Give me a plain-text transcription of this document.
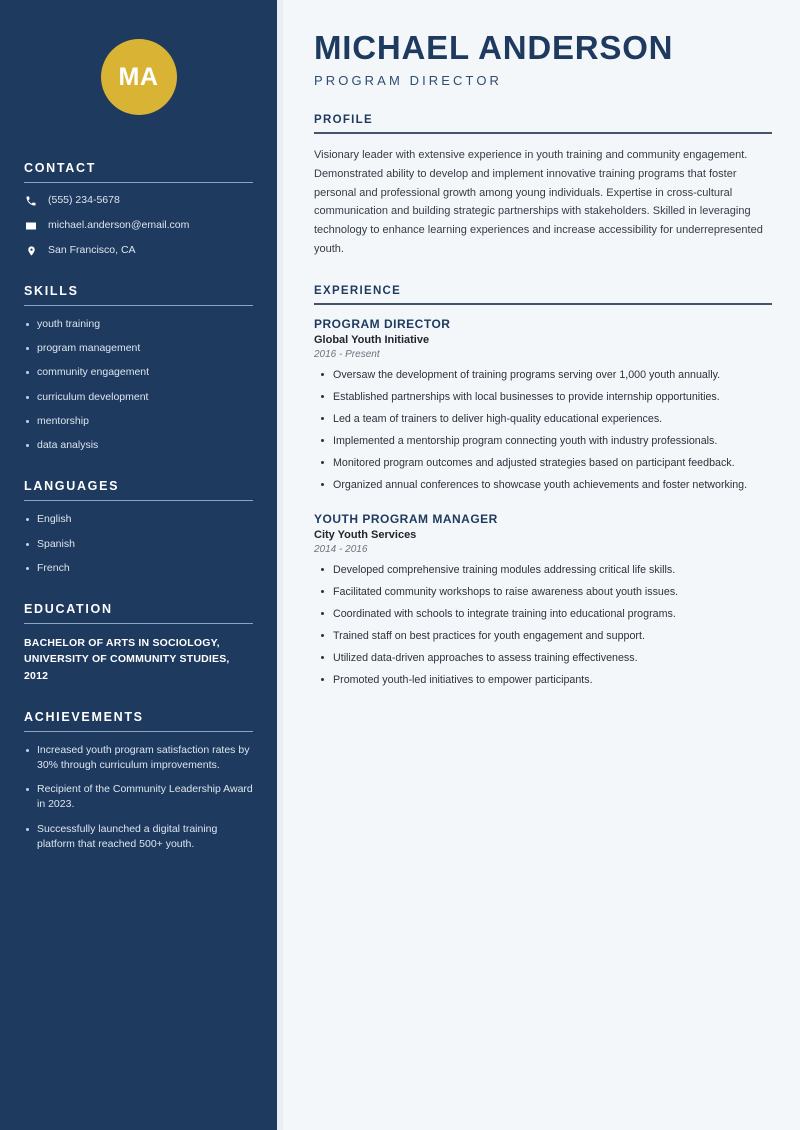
MA
CONTACT
(555) 234-5678
michael.anderson@email.com
San Francisco, CA
SKILLS
youth training
program management
community engagement
curriculum development
mentorship
data analysis
LANGUAGES
English
Spanish
French
EDUCATION
BACHELOR OF ARTS IN SOCIOLOGY, UNIVERSITY OF COMMUNITY STUDIES, 2012
ACHIEVEMENTS
Increased youth program satisfaction rates by 30% through curriculum improvements.
Recipient of the Community Leadership Award in 2023.
Successfully launched a digital training platform that reached 500+ youth.
MICHAEL ANDERSON
PROGRAM DIRECTOR
PROFILE

Visionary leader with extensive experience in youth training and community engagement. Demonstrated ability to develop and implement innovative training programs that foster personal and professional growth among young individuals. Expertise in cross-cultural communication and building strategic partnerships with stakeholders. Skilled in leveraging technology to enhance learning experiences and increase accessibility for underrepresented youth.

EXPERIENCE
PROGRAM DIRECTOR
Global Youth Initiative
2016 - Present
Oversaw the development of training programs serving over 1,000 youth annually.
Established partnerships with local businesses to provide internship opportunities.
Led a team of trainers to deliver high-quality educational experiences.
Implemented a mentorship program connecting youth with industry professionals.
Monitored program outcomes and adjusted strategies based on participant feedback.
Organized annual conferences to showcase youth achievements and foster networking.
YOUTH PROGRAM MANAGER
City Youth Services
2014 - 2016
Developed comprehensive training modules addressing critical life skills.
Facilitated community workshops to raise awareness about youth issues.
Coordinated with schools to integrate training into educational programs.
Trained staff on best practices for youth engagement and support.
Utilized data-driven approaches to assess training effectiveness.
Promoted youth-led initiatives to empower participants.
